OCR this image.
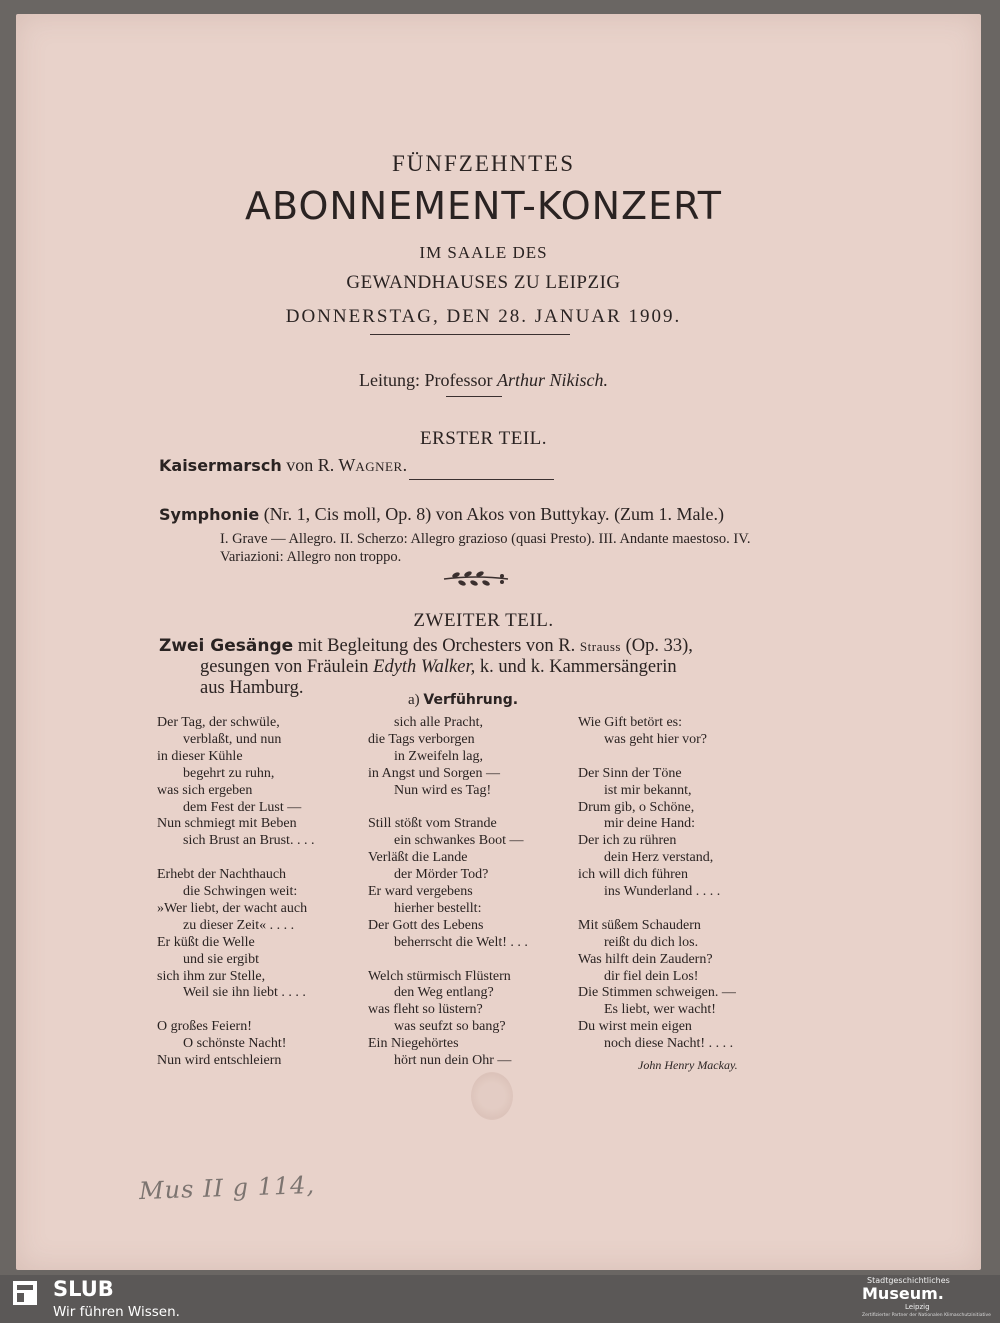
FÜNFZEHNTES
ABONNEMENT-KONZERT
IM SAALE DES
GEWANDHAUSES ZU LEIPZIG
DONNERSTAG, DEN 28. JANUAR 1909.
Leitung: Professor Arthur Nikisch.
ERSTER TEIL.
Kaisermarsch von R. WAGNER.
Symphonie (Nr. 1, Cis moll, Op. 8) von Akos von Buttykay. (Zum 1. Male.)
I. Grave — Allegro. II. Scherzo: Allegro grazioso (quasi Presto). III. Andante maestoso. IV. Variazioni: Allegro non troppo.
ZWEITER TEIL.
Zwei Gesänge mit Begleitung des Orchesters von R. Strauss (Op. 33),
gesungen von Fräulein Edyth Walker, k. und k. Kammersängerin
aus Hamburg.
a) Verführung.
Der Tag, der schwüle,
verblaßt, und nun
in dieser Kühle
begehrt zu ruhn,
was sich ergeben
dem Fest der Lust —
Nun schmiegt mit Beben
sich Brust an Brust. . . .
Erhebt der Nachthauch
die Schwingen weit:
»Wer liebt, der wacht auch
zu dieser Zeit« . . . .
Er küßt die Welle
und sie ergibt
sich ihm zur Stelle,
Weil sie ihn liebt . . . .
O großes Feiern!
O schönste Nacht!
Nun wird entschleiern
sich alle Pracht,
die Tags verborgen
in Zweifeln lag,
in Angst und Sorgen —
Nun wird es Tag!
Still stößt vom Strande
ein schwankes Boot —
Verläßt die Lande
der Mörder Tod?
Er ward vergebens
hierher bestellt:
Der Gott des Lebens
beherrscht die Welt! . . .
Welch stürmisch Flüstern
den Weg entlang?
was fleht so lüstern?
was seufzt so bang?
Ein Niegehörtes
hört nun dein Ohr —
Wie Gift betört es:
was geht hier vor?
Der Sinn der Töne
ist mir bekannt,
Drum gib, o Schöne,
mir deine Hand:
Der ich zu rühren
dein Herz verstand,
ich will dich führen
ins Wunderland . . . .
Mit süßem Schaudern
reißt du dich los.
Was hilft dein Zaudern?
dir fiel dein Los!
Die Stimmen schweigen. —
Es liebt, wer wacht!
Du wirst mein eigen
noch diese Nacht! . . . .
John Henry Mackay.
Mus II g 114,
SLUB
Wir führen Wissen.
Stadtgeschichtliches
Museum.
Leipzig
Zertifizierter Partner der Nationalen Klimaschutzinitiative
